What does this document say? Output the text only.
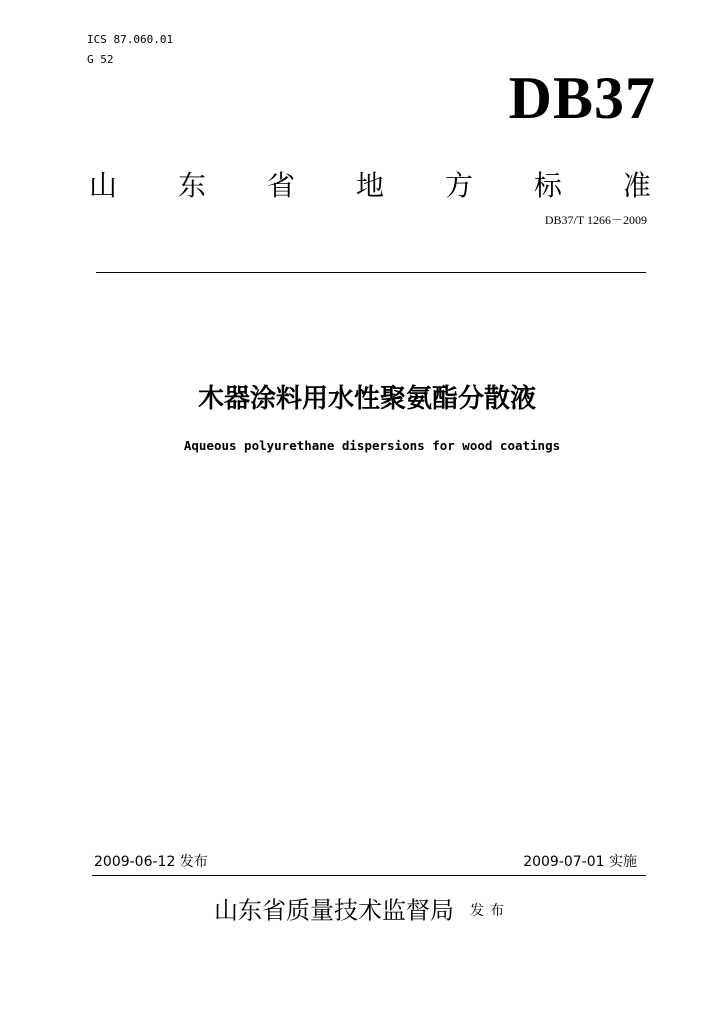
ICS 87.060.01
G 52
DB37
山 东 省 地 方 标 准
DB37/T 1266－2009
木器涂料用水性聚氨酯分散液
Aqueous polyurethane dispersions for wood coatings
2009-06-12 发布	2009-07-01 实施
山东省质量技术监督局 发布
